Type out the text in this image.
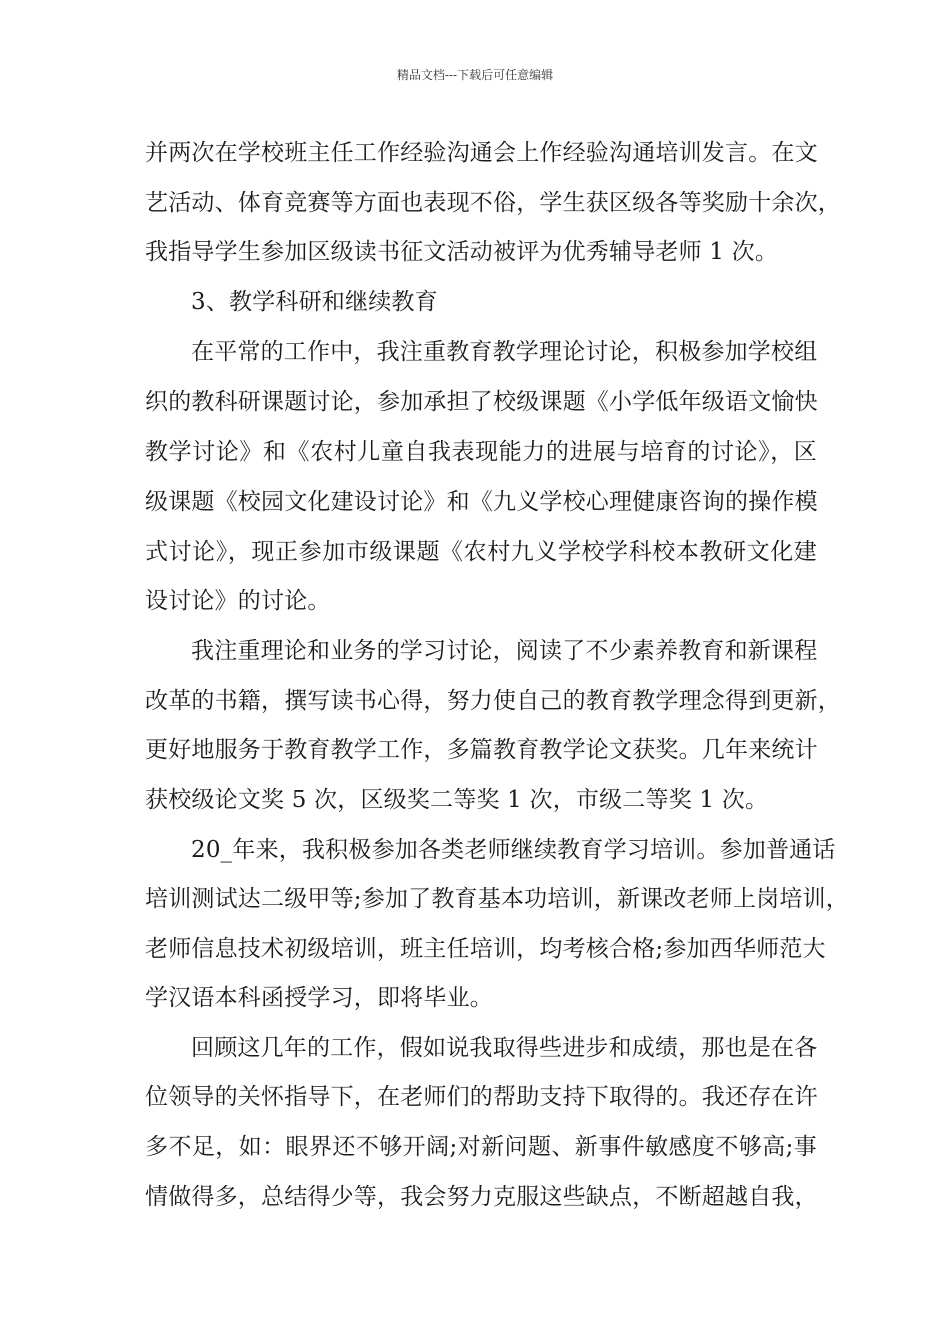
精品文档---下载后可任意编辑
并两次在学校班主任工作经验沟通会上作经验沟通培训发言。在文
艺活动、体育竞赛等方面也表现不俗，学生获区级各等奖励十余次，
我指导学生参加区级读书征文活动被评为优秀辅导老师 1 次。
3、教学科研和继续教育
在平常的工作中，我注重教育教学理论讨论，积极参加学校组
织的教科研课题讨论，参加承担了校级课题《小学低年级语文愉快
教学讨论》和《农村儿童自我表现能力的进展与培育的讨论》，区
级课题《校园文化建设讨论》和《九义学校心理健康咨询的操作模
式讨论》，现正参加市级课题《农村九义学校学科校本教研文化建
设讨论》的讨论。
我注重理论和业务的学习讨论，阅读了不少素养教育和新课程
改革的书籍，撰写读书心得，努力使自己的教育教学理念得到更新，
更好地服务于教育教学工作，多篇教育教学论文获奖。几年来统计
获校级论文奖 5 次，区级奖二等奖 1 次，市级二等奖 1 次。
20_年来，我积极参加各类老师继续教育学习培训。参加普通话
培训测试达二级甲等;参加了教育基本功培训，新课改老师上岗培训，
老师信息技术初级培训，班主任培训，均考核合格;参加西华师范大
学汉语本科函授学习，即将毕业。
回顾这几年的工作，假如说我取得些进步和成绩，那也是在各
位领导的关怀指导下，在老师们的帮助支持下取得的。我还存在许
多不足，如：眼界还不够开阔;对新问题、新事件敏感度不够高;事
情做得多，总结得少等，我会努力克服这些缺点，不断超越自我，
